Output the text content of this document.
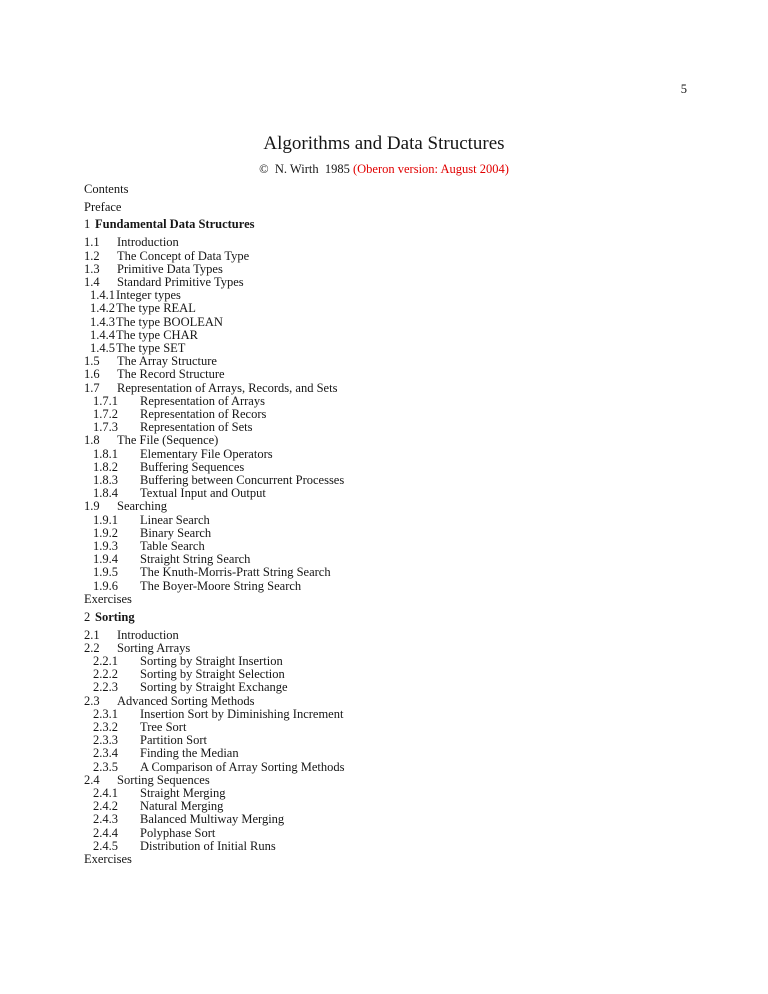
5
Algorithms and Data Structures
©  N. Wirth  1985 (Oberon version: August 2004)
Contents
Preface
1 Fundamental Data Structures
1.1	Introduction
1.2	The Concept of Data Type
1.3	Primitive Data Types
1.4	Standard Primitive Types
1.4.1 Integer types
1.4.2 The type REAL
1.4.3 The type BOOLEAN
1.4.4 The type CHAR
1.4.5 The type SET
1.5	The Array Structure
1.6	The Record Structure
1.7	Representation of Arrays, Records, and Sets
1.7.1	Representation of Arrays
1.7.2	Representation of Recors
1.7.3	Representation of Sets
1.8	The File (Sequence)
1.8.1	Elementary File Operators
1.8.2	Buffering Sequences
1.8.3	Buffering between Concurrent Processes
1.8.4	Textual Input and Output
1.9	Searching
1.9.1	Linear Search
1.9.2	Binary Search
1.9.3	Table Search
1.9.4	Straight String Search
1.9.5	The Knuth-Morris-Pratt String Search
1.9.6	The Boyer-Moore String Search
Exercises
2 Sorting
2.1	Introduction
2.2	Sorting Arrays
2.2.1	Sorting by Straight Insertion
2.2.2	Sorting by Straight Selection
2.2.3	Sorting by Straight Exchange
2.3	Advanced Sorting Methods
2.3.1	Insertion Sort by Diminishing Increment
2.3.2	Tree Sort
2.3.3	Partition Sort
2.3.4	Finding the Median
2.3.5	A Comparison of Array Sorting Methods
2.4	Sorting Sequences
2.4.1	Straight Merging
2.4.2	Natural Merging
2.4.3	Balanced Multiway Merging
2.4.4	Polyphase Sort
2.4.5	Distribution of Initial Runs
Exercises
